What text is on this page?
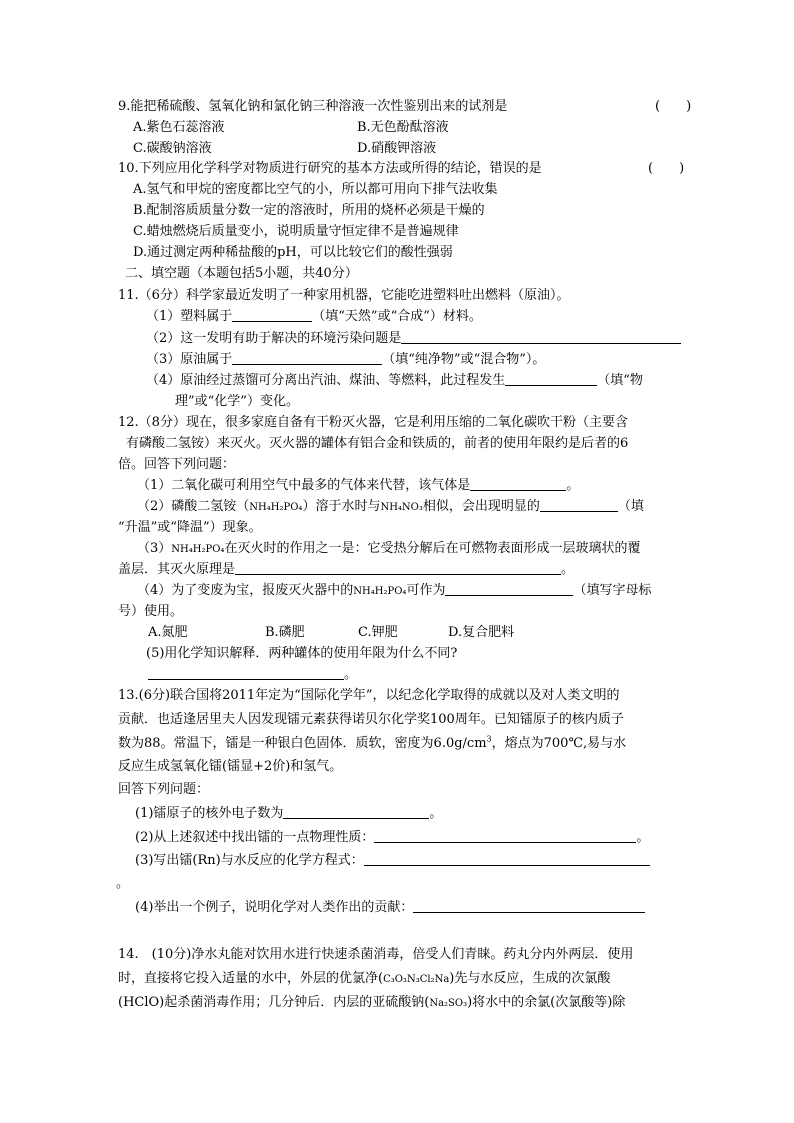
9.能把稀硫酸、氢氧化钠和氯化钠三种溶液一次性鉴别出来的试剂是	(　　)
A.紫色石蕊溶液	B.无色酚酞溶液
C.碳酸钠溶液	D.硝酸钾溶液
10.下列应用化学科学对物质进行研究的基本方法或所得的结论，错误的是	(　　)
A.氢气和甲烷的密度都比空气的小，所以都可用向下排气法收集
B.配制溶质质量分数一定的溶液时，所用的烧杯必须是干燥的
C.蜡烛燃烧后质量变小，说明质量守恒定律不是普遍规律
D.通过测定两种稀盐酸的pH，可以比较它们的酸性强弱
二、填空题（本题包括5小题，共40分）
11.（6分）科学家最近发明了一种家用机器，它能吃进塑料吐出燃料（原油）。
（1）塑料属于	（填“天然”或“合成”）材料。
（2）这一发明有助于解决的环境污染问题是
（3）原油属于	（填“纯净物”或“混合物”）。
（4）原油经过蒸馏可分离出汽油、煤油、等燃料，此过程发生	（填“物
理”或“化学”）变化。
12.（8分）现在，很多家庭自备有干粉灭火器，它是利用压缩的二氧化碳吹干粉（主要含
有磷酸二氢铵）来灭火。灭火器的罐体有铝合金和铁质的，前者的使用年限约是后者的6
倍。回答下列问题：
（1）二氧化碳可利用空气中最多的气体来代替，该气体是	。
（2）磷酸二氢铵（NH₄H₂PO₄）溶于水时与NH₄NO₃相似，会出现明显的	（填
“升温”或“降温”）现象。
（3）NH₄H₂PO₄在灭火时的作用之一是：它受热分解后在可燃物表面形成一层玻璃状的覆
盖层．其灭火原理是	。
（4）为了变废为宝，报废灭火器中的NH₄H₂PO₄可作为	（填写字母标
号）使用。
A.氮肥	B.磷肥	C.钾肥	D.复合肥料
(5)用化学知识解释．两种罐体的使用年限为什么不同?
。
13.(6分)联合国将2011年定为“国际化学年”，以纪念化学取得的成就以及对人类文明的
贡献．也适逢居里夫人因发现镭元素获得诺贝尔化学奖100周年。已知镭原子的核内质子
数为88。常温下，镭是一种银白色固体．质软，密度为$6.0g/cm^3$，熔点为700℃,易与水
反应生成氢氧化镭(镭显+2价)和氢气。
回答下列问题：
(1)镭原子的核外电子数为	。
(2)从上述叙述中找出镭的一点物理性质：	。
(3)写出镭(Rn)与水反应的化学方程式：
。
(4)举出一个例子，说明化学对人类作出的贡献：
14.　(10分)净水丸能对饮用水进行快速杀菌消毒，倍受人们青睐。药丸分内外两层．使用
时，直接将它投入适量的水中，外层的优氯净(C₃O₃N₃Cl₂Na)先与水反应，生成的次氯酸
(HClO)起杀菌消毒作用；几分钟后．内层的亚硫酸钠(Na₂SO₃)将水中的余氯(次氯酸等)除
